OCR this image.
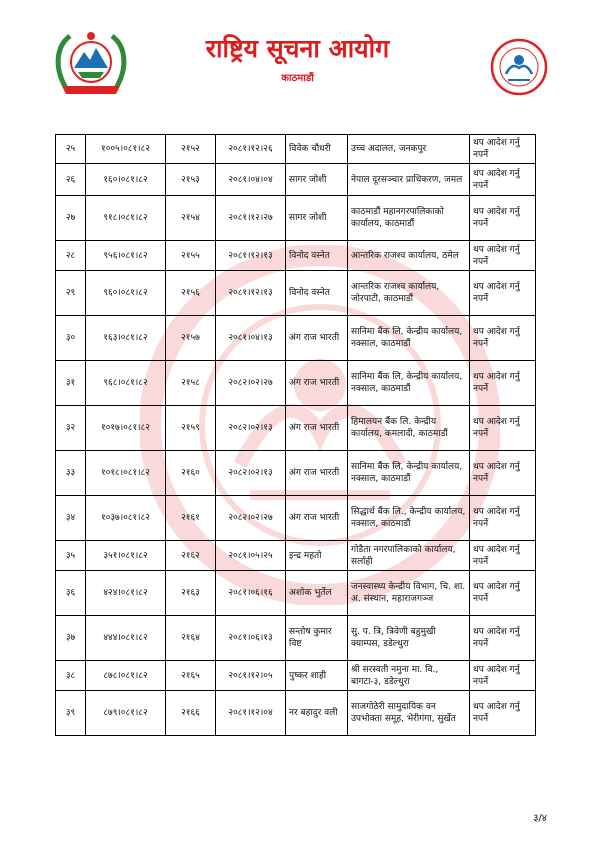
राष्ट्रिय सूचना आयोग
काठमाडौं
२५	१००५।०८१।८२	२१५२	२०८१।१२।२६	विवेक चौधरी	उच्च अदालत, जनकपुर	थप आदेश गर्नु नपर्ने
२६	१६०।०८१।८२	२१५३	२०८१।०४।०४	सागर जोशी	नेपाल दूरसञ्चार प्राधिकरण, जमल	थप आदेश गर्नु नपर्ने
२७	९१८।०८१।८२	२१५४	२०८१।१२।२७	सागर जोशी	काठमाडौं महानगरपालिकाको कार्यालय, काठमाडौं	थप आदेश गर्नु नपर्ने
२८	९५६।०८१।८२	२१५५	२०८१।१२।१३	विनोद वस्नेत	आन्तरिक राजश्व कार्यालय, ठमेल	थप आदेश गर्नु नपर्ने
२९	९६०।०८१।८२	२१५६	२०८१।१२।१३	विनोद वस्नेत	आन्तरिक राजश्व कार्यालय, जोरपाटी, काठमाडौं	थप आदेश गर्नु नपर्ने
३०	१६३।०८१।८२	२१५७	२०८१।०४।१३	अंग राज भारती	सानिमा बैंक लि, केन्द्रीय कार्यालय, नक्साल, काठमाडौं	थप आदेश गर्नु नपर्ने
३१	९६८।०८१।८२	२१५८	२०८२।०२।२७	अंग राज भारती	सानिमा बैंक लि, केन्द्रीय कार्यालय, नक्साल, काठमाडौं	थप आदेश गर्नु नपर्ने
३२	१०१७।०८१।८२	२१५९	२०८२।०२।१३	अंग राज भारती	हिमालयन बैंक लि. केन्द्रीय कार्यालय, कमलादी, काठमाडौं	थप आदेश गर्नु नपर्ने
३३	१०१८।०८१।८२	२१६०	२०८२।०२।१३	अंग राज भारती	सानिमा बैंक लि, केन्द्रीय कार्यालय, नक्साल, काठमाडौं	थप आदेश गर्नु नपर्ने
३४	१०३७।०८१।८२	२१६१	२०८२।०२।२७	अंग राज भारती	सिद्धार्थ बैंक लि., केन्द्रीय कार्यालय, नक्साल, काठमाडौं	थप आदेश गर्नु नपर्ने
३५	३५१।०८१।८२	२१६२	२०८१।०५।२५	इन्द्र महतो	गोडैता नगरपालिकाको कार्यालय, सर्लाही	थप आदेश गर्नु नपर्ने
३६	४२४।०८१।८२	२१६३	२०८१।०६।१६	अशोक भुर्तेल	जनस्वास्थ्य केन्द्रीय विभाग, चि. शा. अ. संस्थान, महाराजगञ्ज	थप आदेश गर्नु नपर्ने
३७	४४४।०८१।८२	२१६४	२०८१।०६।१३	सन्तोष कुमार विष्ट	सु. प. त्रि, त्रिवेणी बहुमुखी क्याम्पस, डडेल्धुरा	थप आदेश गर्नु नपर्ने
३८	८७८।०८१।८२	२१६५	२०८१।१२।०५	पुष्कर शाही	श्री सरस्वती नमुना मा. वि., बागटा-३, डडेल्धुरा	थप आदेश गर्नु नपर्ने
३९	८७९।०८१।८२	२१६६	२०८१।१२।०४	नर बहादुर वली	साजगोठेरी सामुदायिक वन उपभोक्ता समूह, भेरीगंगा, सुर्खेत	थप आदेश गर्नु नपर्ने
३/४
